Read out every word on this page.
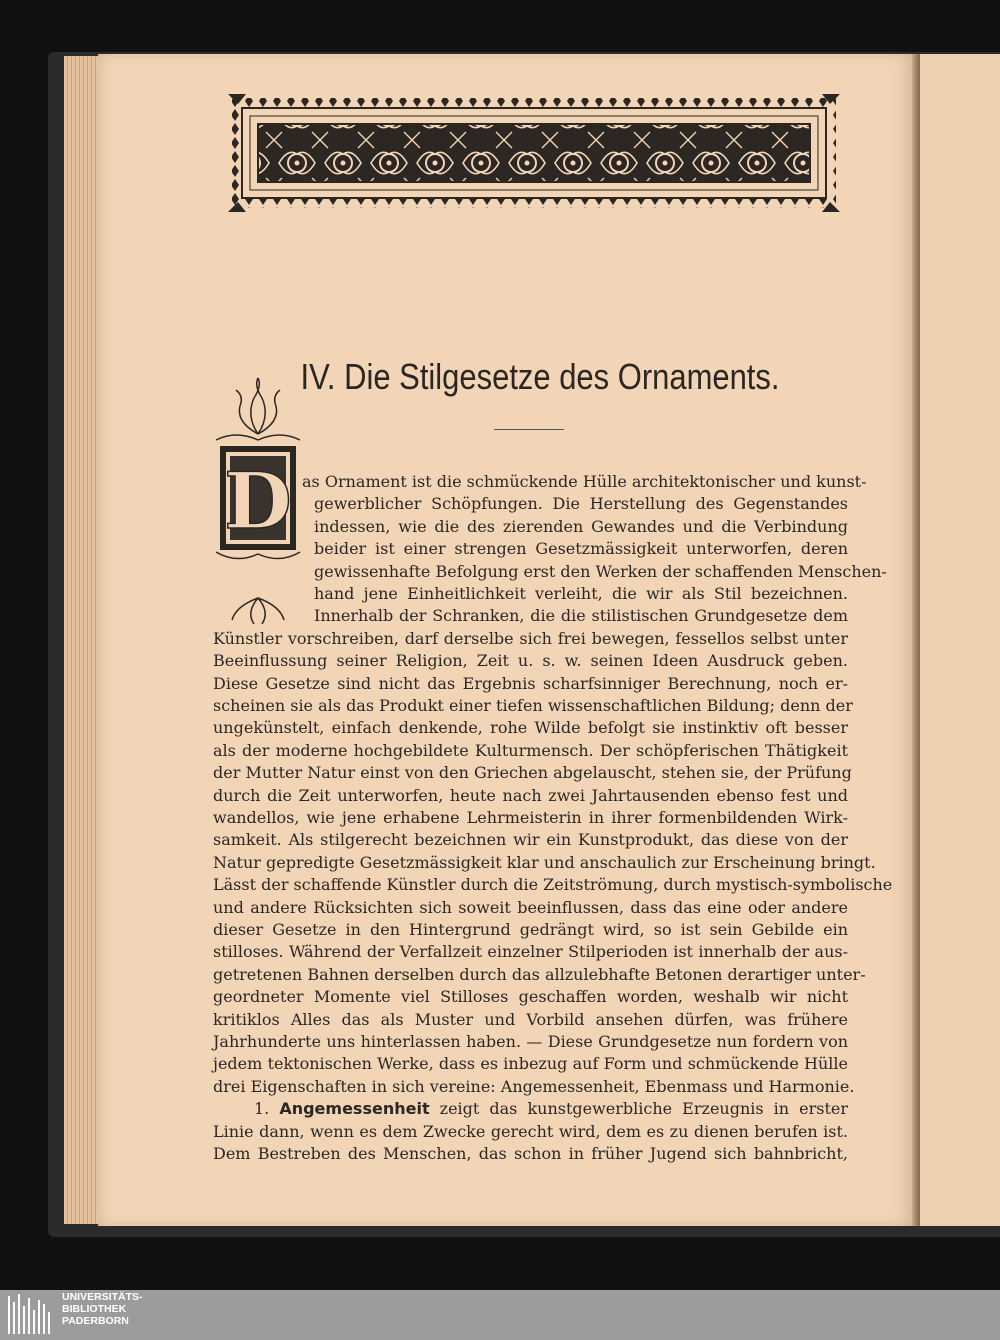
IV. Die Stilgesetze des Ornaments.
D as Ornament ist die schmückende Hülle architektonischer und kunst-
gewerblicher Schöpfungen. Die Herstellung des Gegenstandes
indessen, wie die des zierenden Gewandes und die Verbindung
beider ist einer strengen Gesetzmässigkeit unterworfen, deren
gewissenhafte Befolgung erst den Werken der schaffenden Menschen-
hand jene Einheitlichkeit verleiht, die wir als Stil bezeichnen.
Innerhalb der Schranken, die die stilistischen Grundgesetze dem
Künstler vorschreiben, darf derselbe sich frei bewegen, fessellos selbst unter
Beeinflussung seiner Religion, Zeit u. s. w. seinen Ideen Ausdruck geben.
Diese Gesetze sind nicht das Ergebnis scharfsinniger Berechnung, noch er-
scheinen sie als das Produkt einer tiefen wissenschaftlichen Bildung; denn der
ungekünstelt, einfach denkende, rohe Wilde befolgt sie instinktiv oft besser
als der moderne hochgebildete Kulturmensch. Der schöpferischen Thätigkeit
der Mutter Natur einst von den Griechen abgelauscht, stehen sie, der Prüfung
durch die Zeit unterworfen, heute nach zwei Jahrtausenden ebenso fest und
wandellos, wie jene erhabene Lehrmeisterin in ihrer formenbildenden Wirk-
samkeit. Als stilgerecht bezeichnen wir ein Kunstprodukt, das diese von der
Natur gepredigte Gesetzmässigkeit klar und anschaulich zur Erscheinung bringt.
Lässt der schaffende Künstler durch die Zeitströmung, durch mystisch-symbolische
und andere Rücksichten sich soweit beeinflussen, dass das eine oder andere
dieser Gesetze in den Hintergrund gedrängt wird, so ist sein Gebilde ein
stilloses. Während der Verfallzeit einzelner Stilperioden ist innerhalb der aus-
getretenen Bahnen derselben durch das allzulebhafte Betonen derartiger unter-
geordneter Momente viel Stilloses geschaffen worden, weshalb wir nicht
kritiklos Alles das als Muster und Vorbild ansehen dürfen, was frühere
Jahrhunderte uns hinterlassen haben. — Diese Grundgesetze nun fordern von
jedem tektonischen Werke, dass es inbezug auf Form und schmückende Hülle
drei Eigenschaften in sich vereine: Angemessenheit, Ebenmass und Harmonie.
1. Angemessenheit zeigt das kunstgewerbliche Erzeugnis in erster
Linie dann, wenn es dem Zwecke gerecht wird, dem es zu dienen berufen ist.
Dem Bestreben des Menschen, das schon in früher Jugend sich bahnbricht,
UNIVERSITÄTS-
BIBLIOTHEK
PADERBORN
